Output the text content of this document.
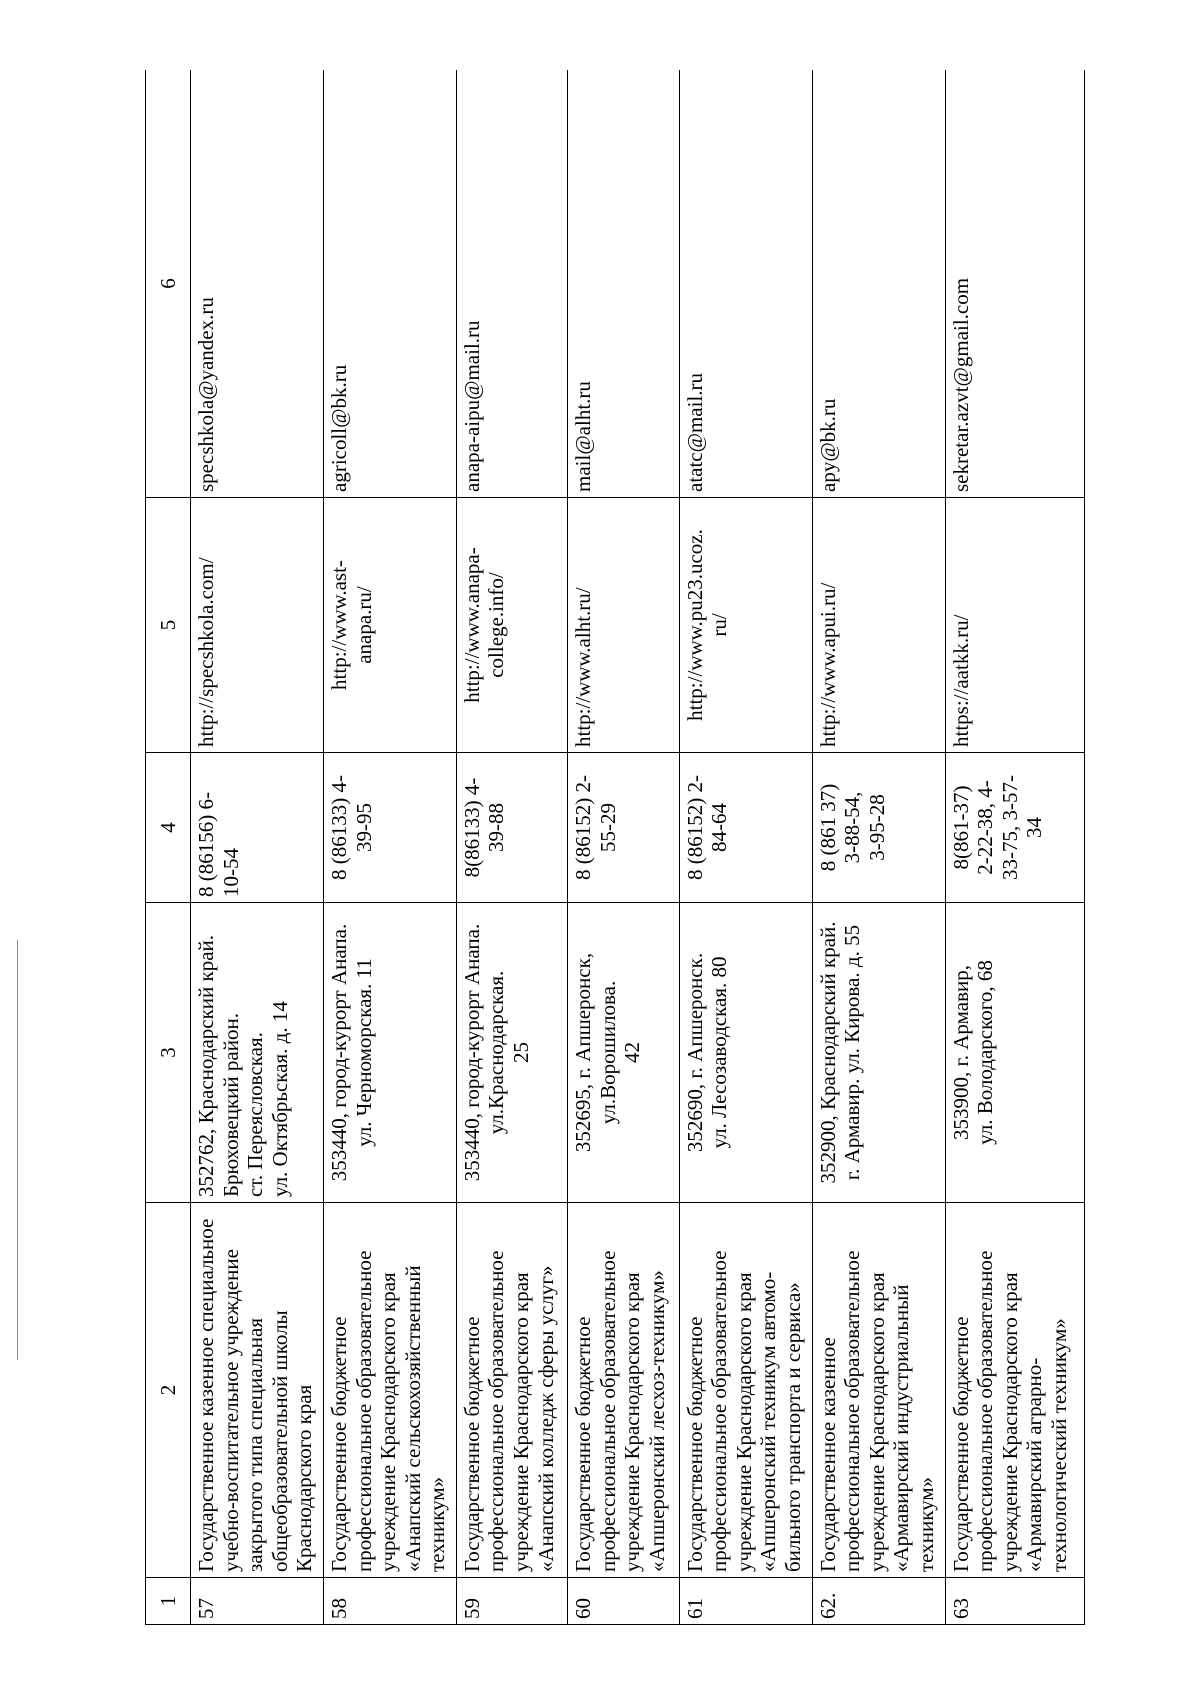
1	2	3	4	5	6
57	Государственное казенное специальное учебно-воспитательное учреждение закрытого типа специальная общеобразовательной школы Краснодарского края	352762, Краснодарский край. Брюховецкий район. ст. Переясловская. ул. Октябрьская. д. 14	8 (86156) 6- 10-54	http://specshkola.com/	specshkola@yandex.ru
58	Государственное бюджетное профессиональное образовательное учреждение Краснодарского края «Анапский сельскохозяйственный техникум»	353440, город-курорт Анапа. ул. Черноморская. 11	8 (86133) 4- 39-95	http://www.ast- anapa.ru/	agricoll@bk.ru
59	Государственное бюджетное профессиональное образовательное учреждение Краснодарского края «Анапский колледж сферы услуг»	353440, город-курорт Анапа. ул.Краснодарская. 25	8(86133) 4- 39-88	http://www.anapa- college.info/	anapa-aipu@mail.ru
60	Государственное бюджетное профессиональное образовательное учреждение Краснодарского края «Апшеронский лесхоз-техникум»	352695, г. Апшеронск, ул.Ворошилова. 42	8 (86152) 2- 55-29	http://www.alht.ru/	mail@alht.ru
61	Государственное бюджетное профессиональное образовательное учреждение Краснодарского края «Апшеронский техникум автомо- бильного транспорта и сервиса»	352690, г. Апшеронск. ул. Лесозаводская. 80	8 (86152) 2- 84-64	http://www.pu23.ucoz. ru/	atatc@mail.ru
62.	Государственное казенное профессиональное образовательное учреждение Краснодарского края «Армавирский индустриальный техникум»	352900, Краснодарский край. г. Армавир. ул. Кирова. д. 55	8 (861 37) 3-88-54, 3-95-28	http://www.apui.ru/	apy@bk.ru
63	Государственное бюджетное профессиональное образовательное учреждение Краснодарского края «Армавирский аграрно- технологический техникум»	353900, г. Армавир, ул. Володарского, 68	8(861-37) 2-22-38, 4- 33-75, 3-57- 34	https://aatkk.ru/	sekretar.azvt@gmail.com
